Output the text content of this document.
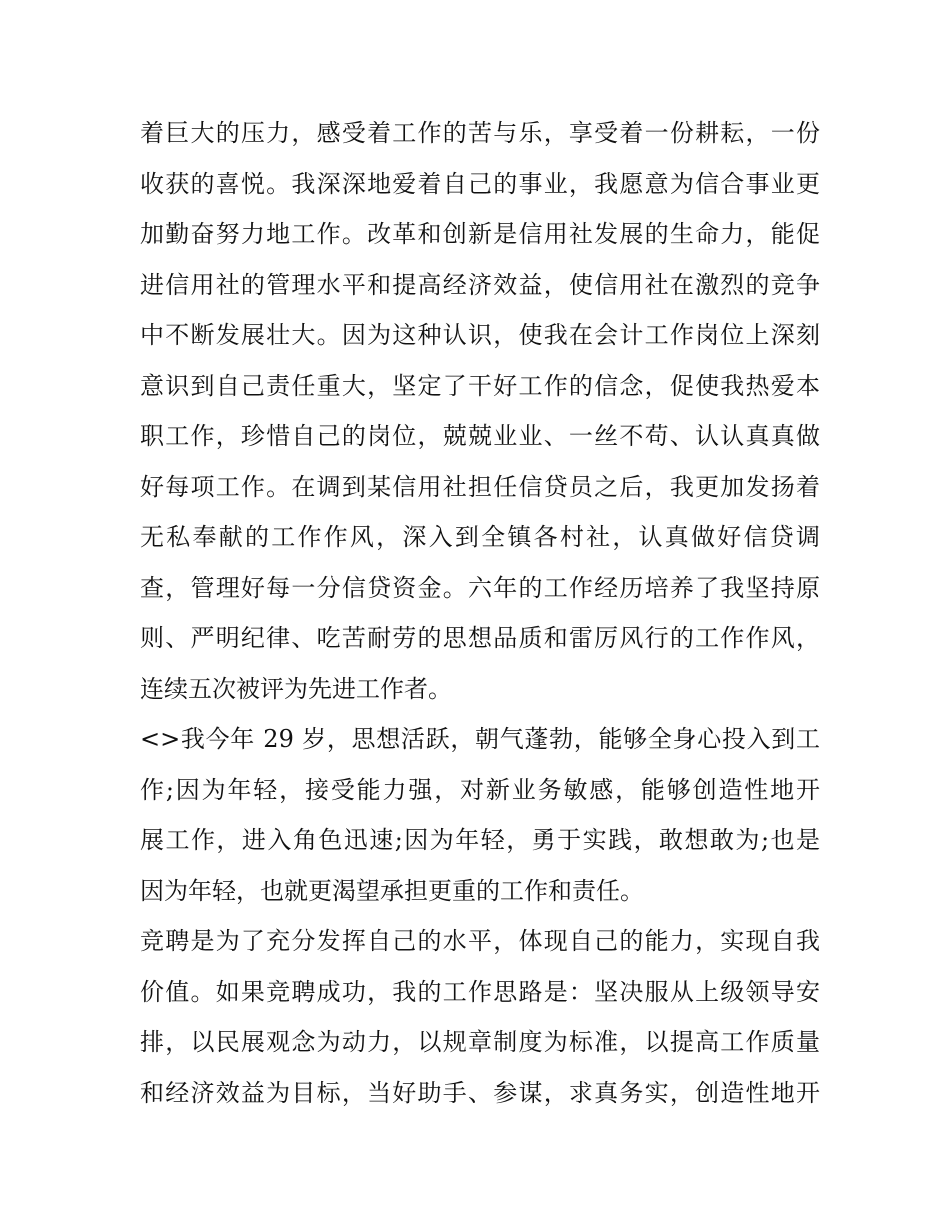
着巨大的压力，感受着工作的苦与乐，享受着一份耕耘，一份
收获的喜悦。我深深地爱着自己的事业，我愿意为信合事业更
加勤奋努力地工作。改革和创新是信用社发展的生命力，能促
进信用社的管理水平和提高经济效益，使信用社在激烈的竞争
中不断发展壮大。因为这种认识，使我在会计工作岗位上深刻
意识到自己责任重大，坚定了干好工作的信念，促使我热爱本
职工作，珍惜自己的岗位，兢兢业业、一丝不苟、认认真真做
好每项工作。在调到某信用社担任信贷员之后，我更加发扬着
无私奉献的工作作风，深入到全镇各村社，认真做好信贷调
查，管理好每一分信贷资金。六年的工作经历培养了我坚持原
则、严明纪律、吃苦耐劳的思想品质和雷厉风行的工作作风，
连续五次被评为先进工作者。
<>我今年 29 岁，思想活跃，朝气蓬勃，能够全身心投入到工
作;因为年轻，接受能力强，对新业务敏感，能够创造性地开
展工作，进入角色迅速;因为年轻，勇于实践，敢想敢为;也是
因为年轻，也就更渴望承担更重的工作和责任。
竞聘是为了充分发挥自己的水平，体现自己的能力，实现自我
价值。如果竞聘成功，我的工作思路是：坚决服从上级领导安
排，以民展观念为动力，以规章制度为标准，以提高工作质量
和经济效益为目标，当好助手、参谋，求真务实，创造性地开
